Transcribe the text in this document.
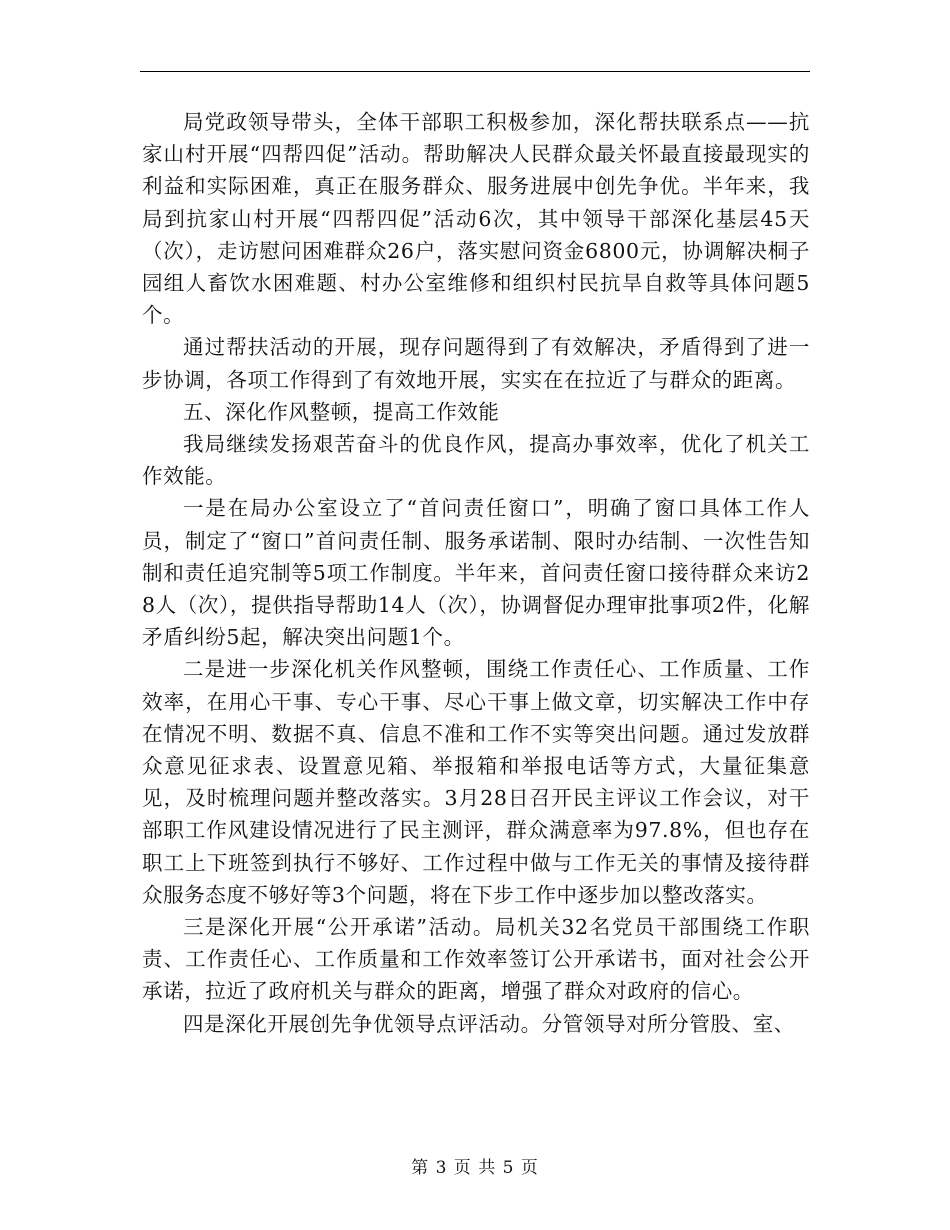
局党政领导带头，全体干部职工积极参加，深化帮扶联系点——抗家山村开展“四帮四促”活动。帮助解决人民群众最关怀最直接最现实的利益和实际困难，真正在服务群众、服务进展中创先争优。半年来，我局到抗家山村开展“四帮四促”活动6次，其中领导干部深化基层45天（次），走访慰问困难群众26户，落实慰问资金6800元，协调解决桐子园组人畜饮水困难题、村办公室维修和组织村民抗旱自救等具体问题5个。

通过帮扶活动的开展，现存问题得到了有效解决，矛盾得到了进一步协调，各项工作得到了有效地开展，实实在在拉近了与群众的距离。

五、深化作风整顿，提高工作效能

我局继续发扬艰苦奋斗的优良作风，提高办事效率，优化了机关工作效能。

一是在局办公室设立了“首问责任窗口”，明确了窗口具体工作人员，制定了“窗口”首问责任制、服务承诺制、限时办结制、一次性告知制和责任追究制等5项工作制度。半年来，首问责任窗口接待群众来访28人（次），提供指导帮助14人（次），协调督促办理审批事项2件，化解矛盾纠纷5起，解决突出问题1个。

二是进一步深化机关作风整顿，围绕工作责任心、工作质量、工作效率，在用心干事、专心干事、尽心干事上做文章，切实解决工作中存在情况不明、数据不真、信息不准和工作不实等突出问题。通过发放群众意见征求表、设置意见箱、举报箱和举报电话等方式，大量征集意见，及时梳理问题并整改落实。3月28日召开民主评议工作会议，对干部职工作风建设情况进行了民主测评，群众满意率为97.8%，但也存在职工上下班签到执行不够好、工作过程中做与工作无关的事情及接待群众服务态度不够好等3个问题，将在下步工作中逐步加以整改落实。

三是深化开展“公开承诺”活动。局机关32名党员干部围绕工作职责、工作责任心、工作质量和工作效率签订公开承诺书，面对社会公开承诺，拉近了政府机关与群众的距离，增强了群众对政府的信心。

四是深化开展创先争优领导点评活动。分管领导对所分管股、室、

第 3 页 共 5 页
